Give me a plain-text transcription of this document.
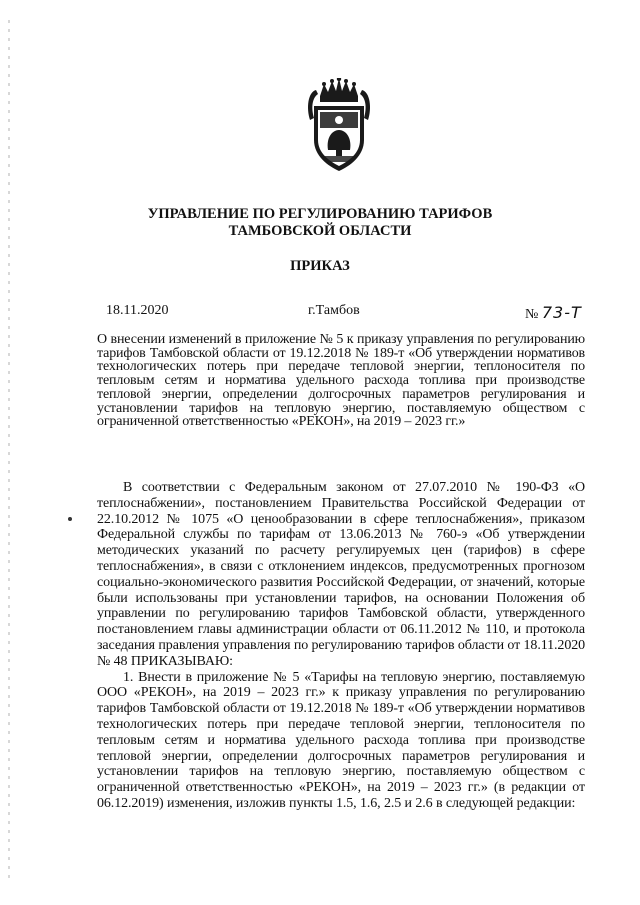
УПРАВЛЕНИЕ ПО РЕГУЛИРОВАНИЮ ТАРИФОВ
ТАМБОВСКОЙ ОБЛАСТИ
ПРИКАЗ
18.11.2020	г.Тамбов	№ 73-Т
О внесении изменений в приложение № 5 к приказу управления по регулированию тарифов Тамбовской области от 19.12.2018 № 189-т «Об утверждении нормативов технологических потерь при передаче тепловой энергии, теплоносителя по тепловым сетям и норматива удельного расхода топлива при производстве тепловой энергии, определении долгосрочных параметров регулирования и установлении тарифов на тепловую энергию, поставляемую обществом с ограниченной ответственностью «РЕКОН», на 2019 – 2023 гг.»

В соответствии с Федеральным законом от 27.07.2010 № 190-ФЗ «О теплоснабжении», постановлением Правительства Российской Федерации от 22.10.2012 № 1075 «О ценообразовании в сфере теплоснабжения», приказом Федеральной службы по тарифам от 13.06.2013 № 760-э «Об утверждении методических указаний по расчету регулируемых цен (тарифов) в сфере теплоснабжения», в связи с отклонением индексов, предусмотренных прогнозом социально-экономического развития Российской Федерации, от значений, которые были использованы при установлении тарифов, на основании Положения об управлении по регулированию тарифов Тамбовской области, утвержденного постановлением главы администрации области от 06.11.2012 № 110, и протокола заседания правления управления по регулированию тарифов области от 18.11.2020 № 48 ПРИКАЗЫВАЮ:

1. Внести в приложение № 5 «Тарифы на тепловую энергию, поставляемую ООО «РЕКОН», на 2019 – 2023 гг.» к приказу управления по регулированию тарифов Тамбовской области от 19.12.2018 № 189-т «Об утверждении нормативов технологических потерь при передаче тепловой энергии, теплоносителя по тепловым сетям и норматива удельного расхода топлива при производстве тепловой энергии, определении долгосрочных параметров регулирования и установлении тарифов на тепловую энергию, поставляемую обществом с ограниченной ответственностью «РЕКОН», на 2019 – 2023 гг.» (в редакции от 06.12.2019) изменения, изложив пункты 1.5, 1.6, 2.5 и 2.6 в следующей редакции:
